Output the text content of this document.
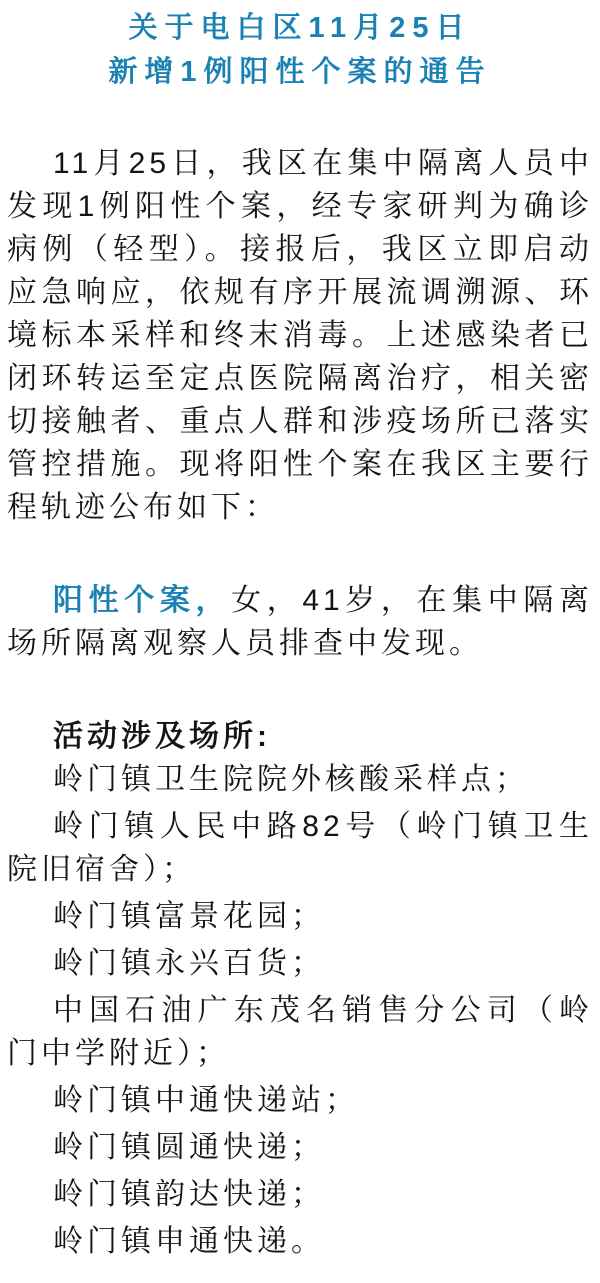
关于电白区11月25日
新增1例阳性个案的通告

11月25日，我区在集中隔离人员中发现1例阳性个案，经专家研判为确诊病例（轻型）。接报后，我区立即启动应急响应，依规有序开展流调溯源、环境标本采样和终末消毒。上述感染者已闭环转运至定点医院隔离治疗，相关密切接触者、重点人群和涉疫场所已落实管控措施。现将阳性个案在我区主要行程轨迹公布如下：

阳性个案，女，41岁，在集中隔离场所隔离观察人员排查中发现。

活动涉及场所:

岭门镇卫生院院外核酸采样点；

岭门镇人民中路82号（岭门镇卫生院旧宿舍）；

岭门镇富景花园；

岭门镇永兴百货；

中国石油广东茂名销售分公司（岭门中学附近）；

岭门镇中通快递站；

岭门镇圆通快递；

岭门镇韵达快递；

岭门镇申通快递。
